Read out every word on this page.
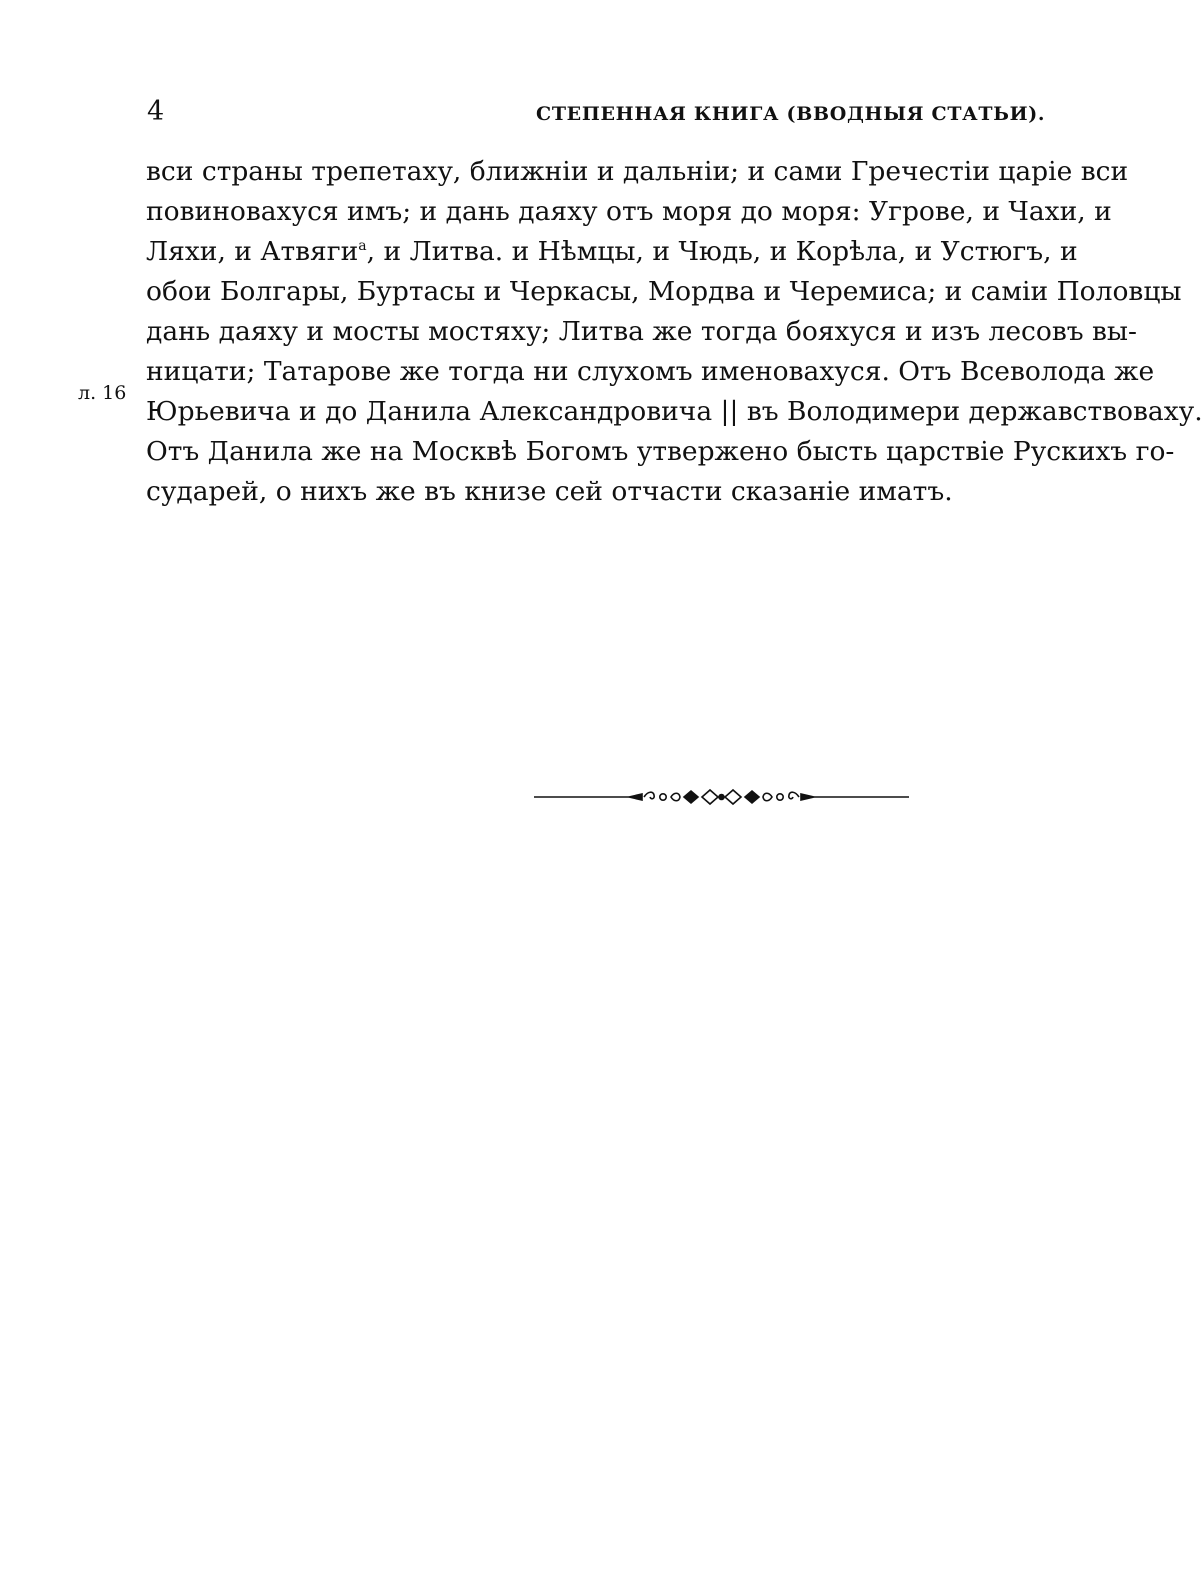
4	СТЕПЕННАЯ КНИГА (ВВОДНЫЯ СТАТЬИ).
л. 16
вси страны трепетаху, ближнiи и дальнiи; и сами Гречестiи царiе вси
повиновахуся имъ; и дань даяху отъ моря до моря: Угрове, и Чахи, и
Ляхи, и Атвяги$^а$, и Литва. и Нѣмцы, и Чюдь, и Корѣла, и Устюгъ, и
обои Болгары, Буртасы и Черкасы, Мордва и Черемиса; и самiи Половцы
дань даяху и мосты мостяху; Литва же тогда бояхуся и изъ лесовъ вы-
ницати; Татарове же тогда ни слухомъ именовахуся. Отъ Всеволода же
Юрьевича и до Данила Александровича || въ Володимери державствоваху.
Отъ Данила же на Москвѣ Богомъ утвержено бысть царствiе Рускихъ го-
сударей, о нихъ же въ книзе сей отчасти сказанiе иматъ.
